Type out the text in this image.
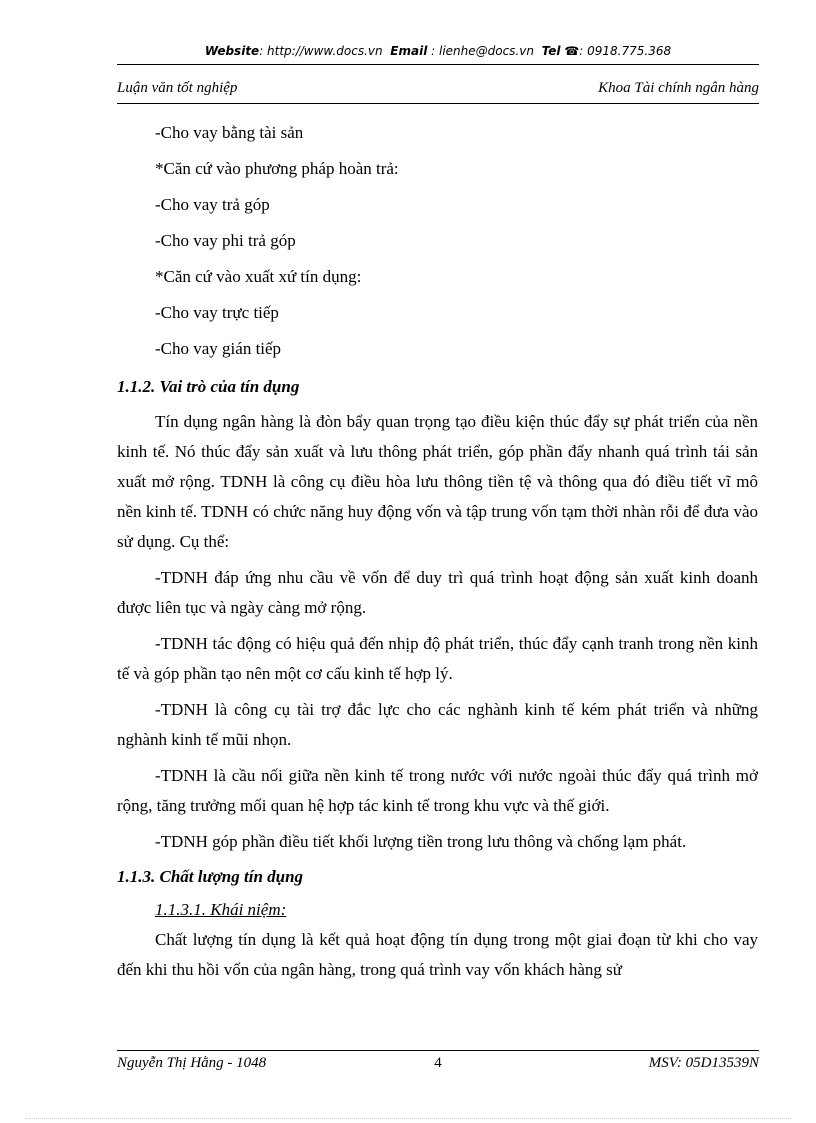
Website: http://www.docs.vn Email : lienhe@docs.vn Tel ☎: 0918.775.368
Luận văn tốt nghiệp	Khoa Tài chính ngân hàng

-Cho vay bằng tài sản

*Căn cứ vào phương pháp hoàn trả:

-Cho vay trả góp

-Cho vay phi trả góp

*Căn cứ vào xuất xứ tín dụng:

-Cho vay trực tiếp

-Cho vay gián tiếp

1.1.2. Vai trò của tín dụng

Tín dụng ngân hàng là đòn bẩy quan trọng tạo điều kiện thúc đẩy sự phát triển của nền kinh tế. Nó thúc đẩy sản xuất và lưu thông phát triển, góp phần đẩy nhanh quá trình tái sản xuất mở rộng. TDNH là công cụ điều hòa lưu thông tiền tệ và thông qua đó điều tiết vĩ mô nền kinh tế. TDNH có chức năng huy động vốn và tập trung vốn tạm thời nhàn rỗi để đưa vào sử dụng. Cụ thể:

-TDNH đáp ứng nhu cầu về vốn để duy trì quá trình hoạt động sản xuất kinh doanh được liên tục và ngày càng mở rộng.

-TDNH tác động có hiệu quả đến nhịp độ phát triển, thúc đẩy cạnh tranh trong nền kinh tế và góp phần tạo nên một cơ cấu kinh tế hợp lý.

-TDNH là công cụ tài trợ đắc lực cho các nghành kinh tế kém phát triển và những nghành kinh tế mũi nhọn.

-TDNH là cầu nối giữa nền kinh tế trong nước với nước ngoài thúc đẩy quá trình mở rộng, tăng trưởng mối quan hệ hợp tác kinh tế trong khu vực và thế giới.

-TDNH góp phần điều tiết khối lượng tiền trong lưu thông và chống lạm phát.

1.1.3. Chất lượng tín dụng

1.1.3.1. Khái niệm:

Chất lượng tín dụng là kết quả hoạt động tín dụng trong một giai đoạn từ khi cho vay đến khi thu hồi vốn của ngân hàng, trong quá trình vay vốn khách hàng sử

Nguyễn Thị Hằng - 1048	4	MSV: 05D13539N
